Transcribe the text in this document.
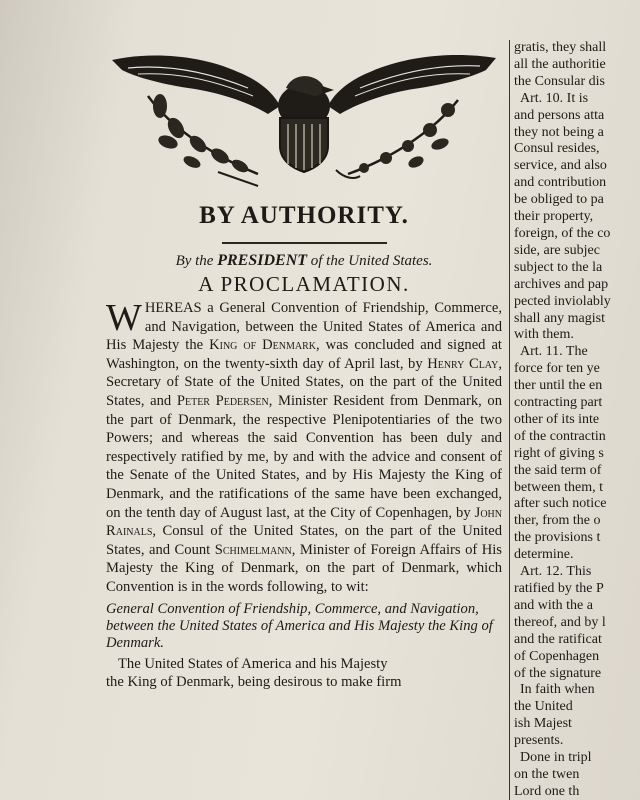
BY AUTHORITY.

By the PRESIDENT of the United States.

A PROCLAMATION.

WHEREAS a General Convention of Friendship, Commerce, and Navigation, between the United States of America and His Majesty the King of Denmark, was concluded and signed at Washington, on the twenty-sixth day of April last, by Henry Clay, Secretary of State of the United States, on the part of the United States, and Peter Pedersen, Minister Resident from Denmark, on the part of Denmark, the respective Plenipotentiaries of the two Powers; and whereas the said Convention has been duly and respectively ratified by me, by and with the advice and consent of the Senate of the United States, and by His Majesty the King of Denmark, and the ratifications of the same have been exchanged, on the tenth day of August last, at the City of Copenhagen, by John Rainals, Consul of the United States, on the part of the United States, and Count Schimelmann, Minister of Foreign Affairs of His Majesty the King of Denmark, on the part of Denmark, which Convention is in the words following, to wit:

General Convention of Friendship, Commerce, and Navigation, between the United States of America and His Majesty the King of Denmark.

The United States of America and his Majesty

the King of Denmark, being desirous to make firm

gratis, they shall
all the authoritie
the Consular dis
Art. 10. It is
and persons atta
they not being a
Consul resides,
service, and also
and contribution
be obliged to pa
their property,
foreign, of the co
side, are subjec
subject to the la
archives and pap
pected inviolably
shall any magist
with them.
Art. 11. The
force for ten ye
ther until the en
contracting part
other of its inte
of the contractin
right of giving s
the said term of
between them, t
after such notice
ther, from the o
the provisions t
determine.
Art. 12. This
ratified by the P
and with the a
thereof, and by l
and the ratificat
of Copenhagen
of the signature
In faith when
the United
ish Majest
presents.
Done in tripl
on the twen
Lord one th
